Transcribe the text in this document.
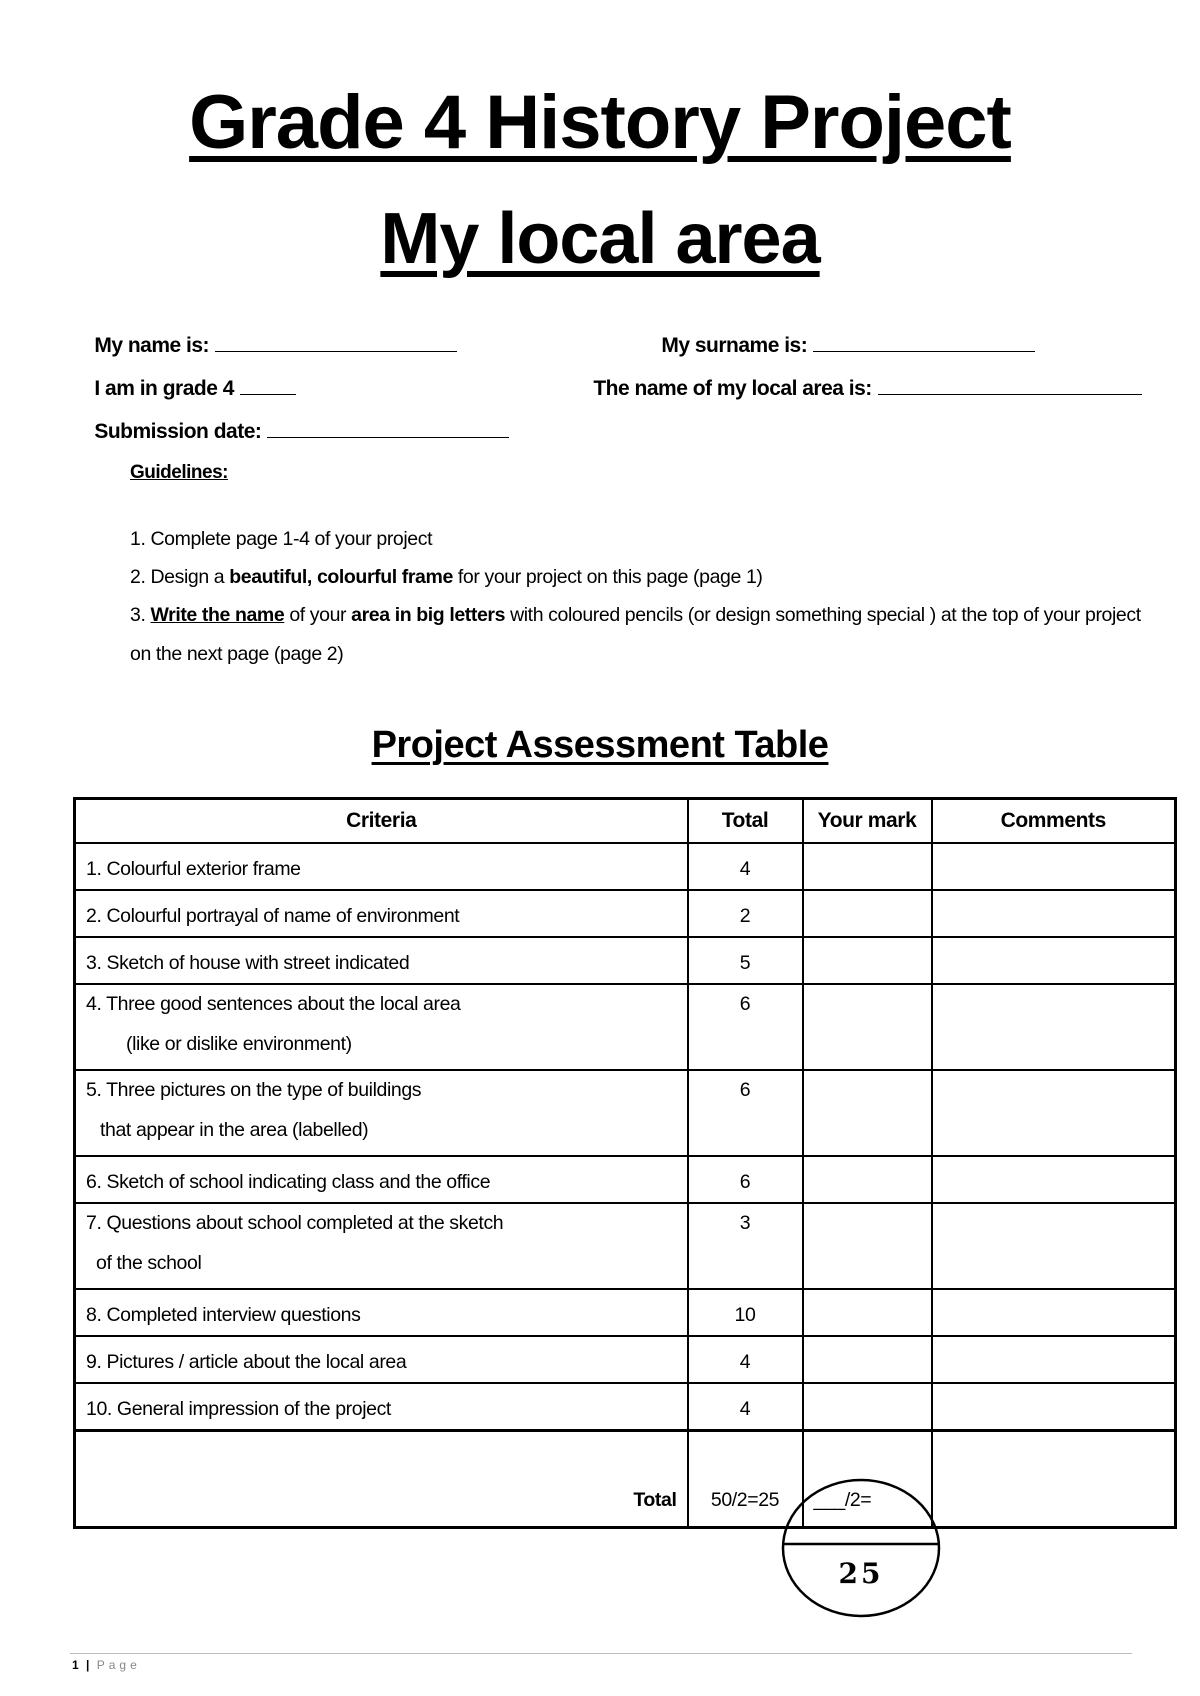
Grade 4 History Project
My local area

My name is:
	My surname is:

I am in grade 4
	The name of my local area is:

Submission date:

Guidelines:
1. Complete page 1-4 of your project
2. Design a beautiful, colourful frame for your project on this page (page 1)
3. Write the name of your area in big letters with coloured pencils (or design something special ) at the top of your project
on the next page (page 2)
Project Assessment Table
Criteria	Total	Your mark	Comments
1. Colourful exterior frame	4		
2. Colourful portrayal of name of environment	2		
3. Sketch of house with street indicated	5		

4. Three good sentences about the local area
(like or dislike environment)	6		

5. Three pictures on the type of buildings
that appear in the area (labelled)	6		
6. Sketch of school indicating class and the office	6		

7. Questions about school completed at the sketch
of the school	3		
8. Completed interview questions	10		
9. Pictures / article about the local area	4		
10. General impression of the project	4		
Total	50/2=25	___/2=	
25
1 | Page
